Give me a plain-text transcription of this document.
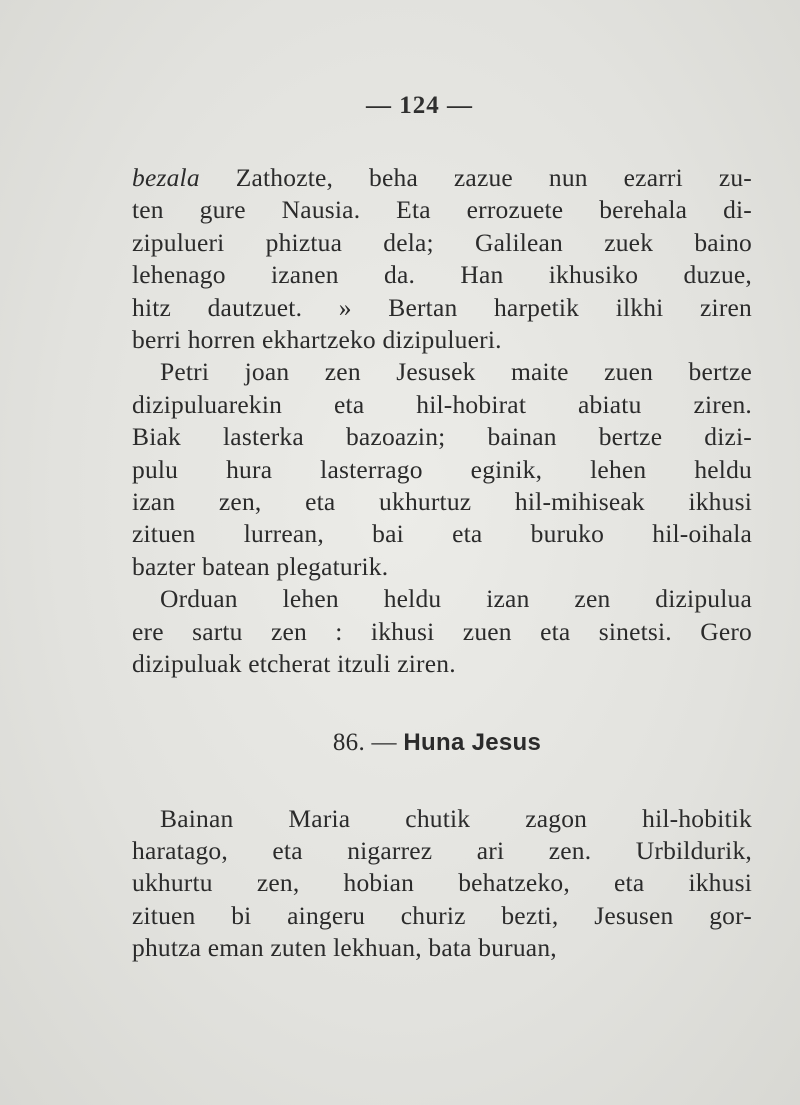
— 124 —
bezala Zathozte, beha zazue nun ezarri zu-
ten gure Nausia. Eta errozuete berehala di-
zipulueri phiztua dela; Galilean zuek baino
lehenago izanen da. Han ikhusiko duzue,
hitz dautzuet. » Bertan harpetik ilkhi ziren
berri horren ekhartzeko dizipulueri.
Petri joan zen Jesusek maite zuen bertze
dizipuluarekin eta hil-hobirat abiatu ziren.
Biak lasterka bazoazin; bainan bertze dizi-
pulu hura lasterrago eginik, lehen heldu
izan zen, eta ukhurtuz hil-mihiseak ikhusi
zituen lurrean, bai eta buruko hil-oihala
bazter batean plegaturik.
Orduan lehen heldu izan zen dizipulua
ere sartu zen : ikhusi zuen eta sinetsi. Gero
dizipuluak etcherat itzuli ziren.
86. — Huna Jesus
Bainan Maria chutik zagon hil-hobitik
haratago, eta nigarrez ari zen. Urbildurik,
ukhurtu zen, hobian behatzeko, eta ikhusi
zituen bi aingeru churiz bezti, Jesusen gor-
phutza eman zuten lekhuan, bata buruan,
